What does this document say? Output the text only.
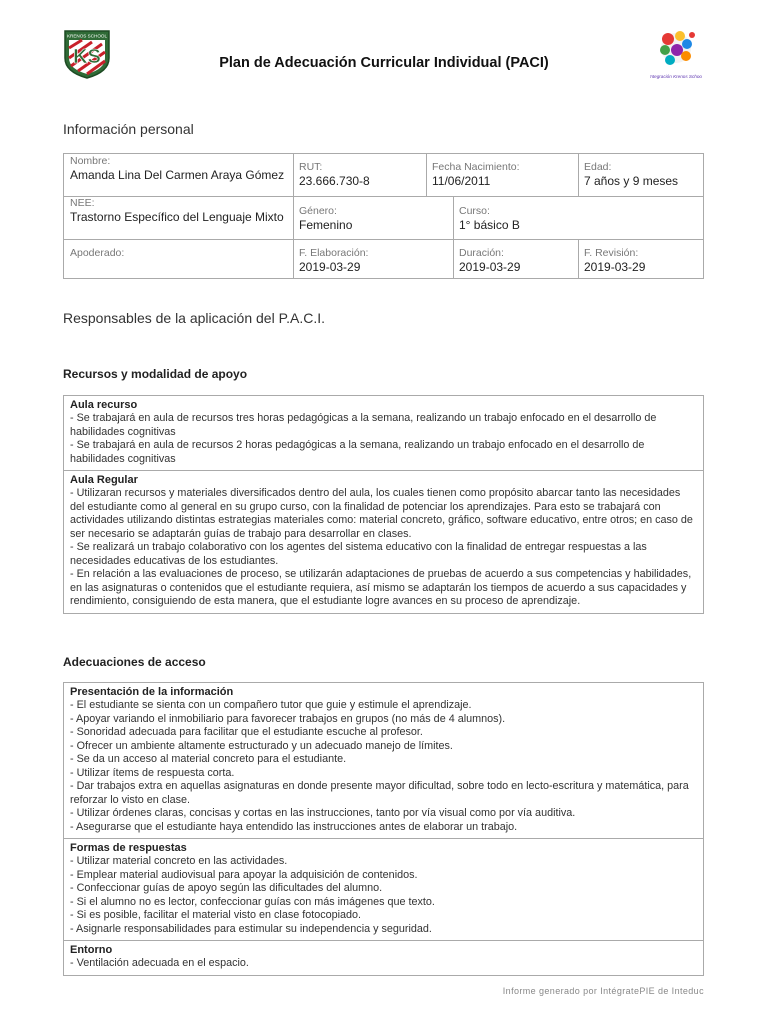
KS
KRENOS SCHOOL
Plan de Adecuación Curricular Individual (PACI)
Integración Krenos School
Información personal
Nombre:
Amanda Lina Del Carmen Araya Gómez
RUT:
23.666.730-8
Fecha Nacimiento:
11/06/2011
Edad:
7 años y 9 meses
NEE:
Trastorno Específico del Lenguaje Mixto	Género:
Femenino
Curso:
1° básico B
Apoderado:	F. Elaboración:
2019-03-29
Duración:
2019-03-29
F. Revisión:
2019-03-29
Responsables de la aplicación del P.A.C.I.
Recursos y modalidad de apoyo
Aula recurso
- Se trabajará en aula de recursos tres horas pedagógicas a la semana, realizando un trabajo enfocado en el desarrollo de habilidades cognitivas
- Se trabajará en aula de recursos 2 horas pedagógicas a la semana, realizando un trabajo enfocado en el desarrollo de habilidades cognitivas
Aula Regular
- Utilizaran recursos y materiales diversificados dentro del aula, los cuales tienen como propósito abarcar tanto las necesidades del estudiante como al general en su grupo curso, con la finalidad de potenciar los aprendizajes. Para esto se trabajará con actividades utilizando distintas estrategias materiales como: material concreto, gráfico, software educativo, entre otros; en caso de ser necesario se adaptarán guías de trabajo para desarrollar en clases.
- Se realizará un trabajo colaborativo con los agentes del sistema educativo con la finalidad de entregar respuestas a las necesidades educativas de los estudiantes.
- En relación a las evaluaciones de proceso, se utilizarán adaptaciones de pruebas de acuerdo a sus competencias y habilidades, en las asignaturas o contenidos que el estudiante requiera, así mismo se adaptarán los tiempos de acuerdo a sus capacidades y rendimiento, consiguiendo de esta manera, que el estudiante logre avances en su proceso de aprendizaje.
Adecuaciones de acceso
Presentación de la información
- El estudiante se sienta con un compañero tutor que guie y estimule el aprendizaje.
- Apoyar variando el inmobiliario para favorecer trabajos en grupos (no más de 4 alumnos).
- Sonoridad adecuada para facilitar que el estudiante escuche al profesor.
- Ofrecer un ambiente altamente estructurado y un adecuado manejo de límites.
- Se da un acceso al material concreto para el estudiante.
- Utilizar ítems de respuesta corta.
- Dar trabajos extra en aquellas asignaturas en donde presente mayor dificultad, sobre todo en lecto-escritura y matemática, para reforzar lo visto en clase.
- Utilizar órdenes claras, concisas y cortas en las instrucciones, tanto por vía visual como por vía auditiva.
- Asegurarse que el estudiante haya entendido las instrucciones antes de elaborar un trabajo.
Formas de respuestas
- Utilizar material concreto en las actividades.
- Emplear material audiovisual para apoyar la adquisición de contenidos.
- Confeccionar guías de apoyo según las dificultades del alumno.
- Si el alumno no es lector, confeccionar guías con más imágenes que texto.
- Si es posible, facilitar el material visto en clase fotocopiado.
- Asignarle responsabilidades para estimular su independencia y seguridad.
Entorno
- Ventilación adecuada en el espacio.
Informe generado por IntégratePIE de Inteduc
